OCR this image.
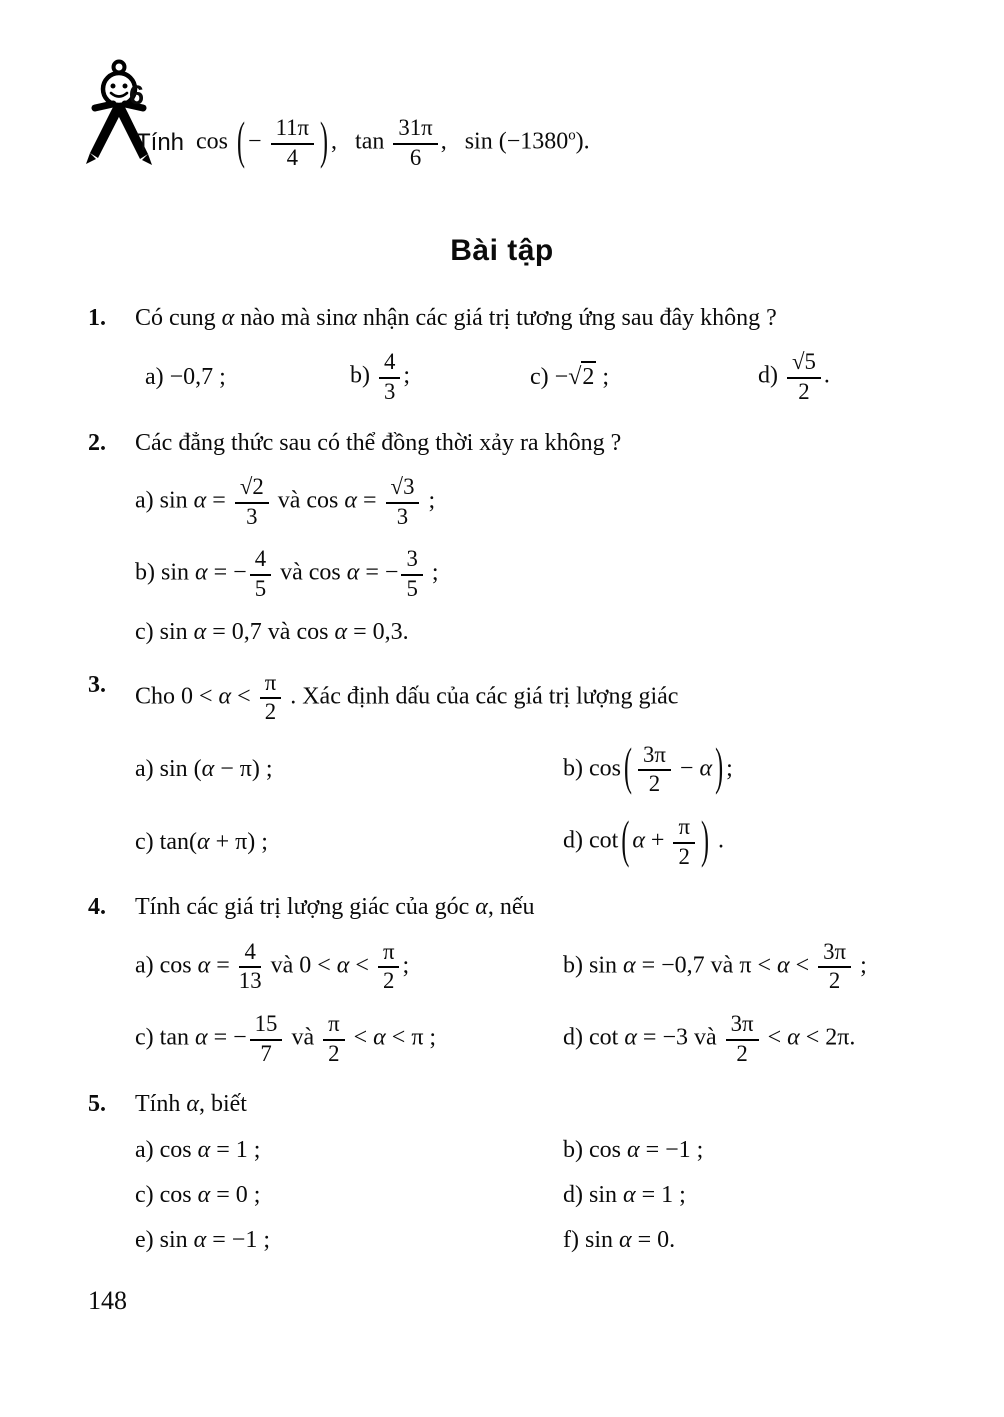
6
Tính cos ( − $\frac{11\pi}{4}$ ) ,  $\tan \frac{31\pi}{6}$ ,  $\sin (-1380^o)$.
Bài tập
1.	Có cung α nào mà sinα nhận các giá trị tương ứng sau đây không ?
a) −0,7 ;	$b) \frac{4}{3}$ ;	c) −√2 ;	$d) \frac{√5}{2}$ .
2.	Các đẳng thức sau có thể đồng thời xảy ra không ?
a) $\sin \alpha = \frac{√2}{3}$ và $\cos \alpha = \frac{√3}{3}$ ;
b) sin α = − $\frac{4}{5}$ và cos α = − $\frac{3}{5}$ ;
c) sin α = 0,7 và cos α = 0,3.
3.	Cho $0 < \alpha < \frac{\pi}{2}$ . Xác định dấu của các giá trị lượng giác
a) sin (α − π) ;	b) cos ( $\frac{3\pi}{2} - \alpha$ ) ;
c) tan(α + π) ;	d) cot ( $\alpha + \frac{\pi}{2}$ ) .
4.	Tính các giá trị lượng giác của góc α, nếu
a) $\cos \alpha = \frac{4}{13}$ và $0 < \alpha < \frac{\pi}{2}$ ;	b) sin α = −0,7 và $\pi < \alpha < \frac{3\pi}{2}$ ;
c) tan α = − $\frac{15}{7}$ và $\frac{\pi}{2} < \alpha < \pi$ ;	d) cot α = −3 và $\frac{3\pi}{2} < \alpha < 2\pi$.
5.	Tính α, biết
a) cos α = 1 ;	b) cos α = −1 ;
c) cos α = 0 ;	d) sin α = 1 ;
e) sin α = −1 ;	f) sin α = 0.
148
